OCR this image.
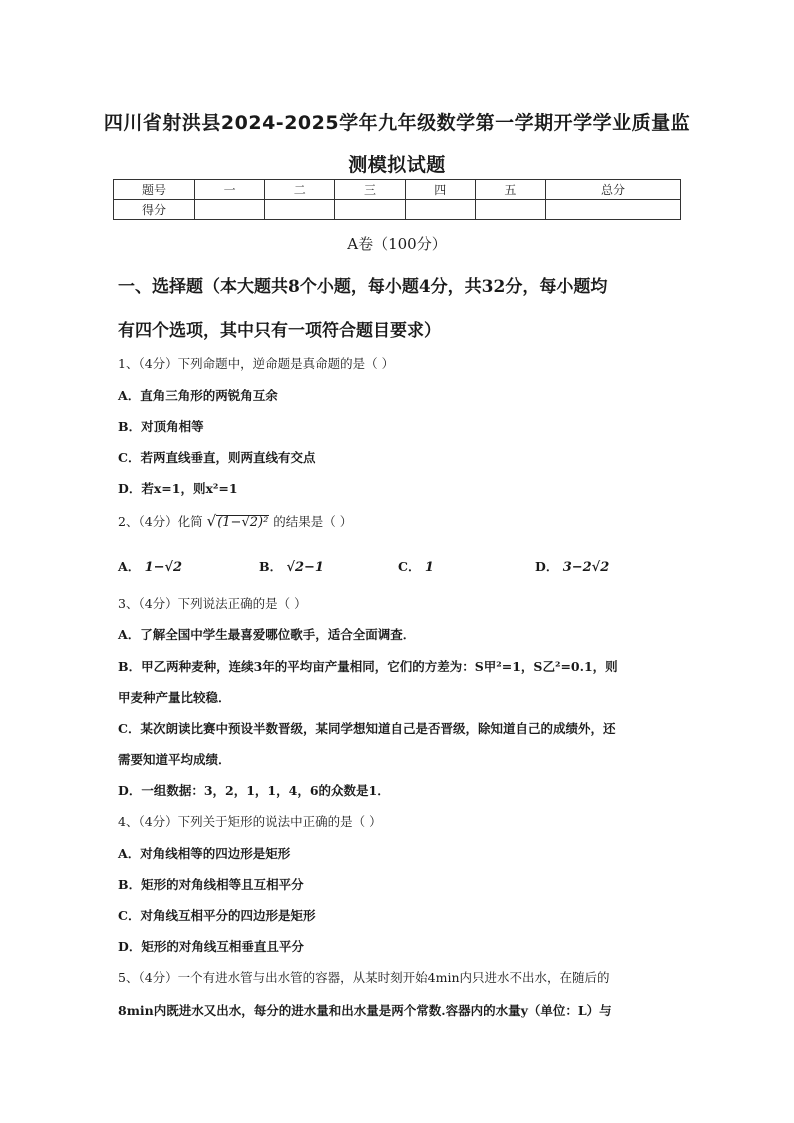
四川省射洪县2024-2025学年九年级数学第一学期开学学业质量监
测模拟试题
题号	一	二	三	四	五	总分
得分						
A卷（100分）
一、选择题（本大题共8个小题，每小题4分，共32分，每小题均
有四个选项，其中只有一项符合题目要求）
1、（4分）下列命题中，逆命题是真命题的是（ ）
A．直角三角形的两锐角互余
B．对顶角相等
C．若两直线垂直，则两直线有交点
D．若x=1，则x²=1
2、（4分）化简 √(1−√2)² 的结果是（ ）
A． 1−√2	B． √2−1	C． 1	D． 3−2√2
3、（4分）下列说法正确的是（ ）
A．了解全国中学生最喜爱哪位歌手，适合全面调查．
B．甲乙两种麦种，连续3年的平均亩产量相同，它们的方差为：S甲²=1，S乙²=0.1，则
甲麦种产量比较稳．
C．某次朗读比赛中预设半数晋级，某同学想知道自己是否晋级，除知道自己的成绩外，还
需要知道平均成绩．
D．一组数据：3，2，1，1，4，6的众数是1．
4、（4分）下列关于矩形的说法中正确的是（ ）
A．对角线相等的四边形是矩形
B．矩形的对角线相等且互相平分
C．对角线互相平分的四边形是矩形
D．矩形的对角线互相垂直且平分
5、（4分）一个有进水管与出水管的容器，从某时刻开始4min内只进水不出水，在随后的
8min内既进水又出水，每分的进水量和出水量是两个常数.容器内的水量y（单位：L）与
